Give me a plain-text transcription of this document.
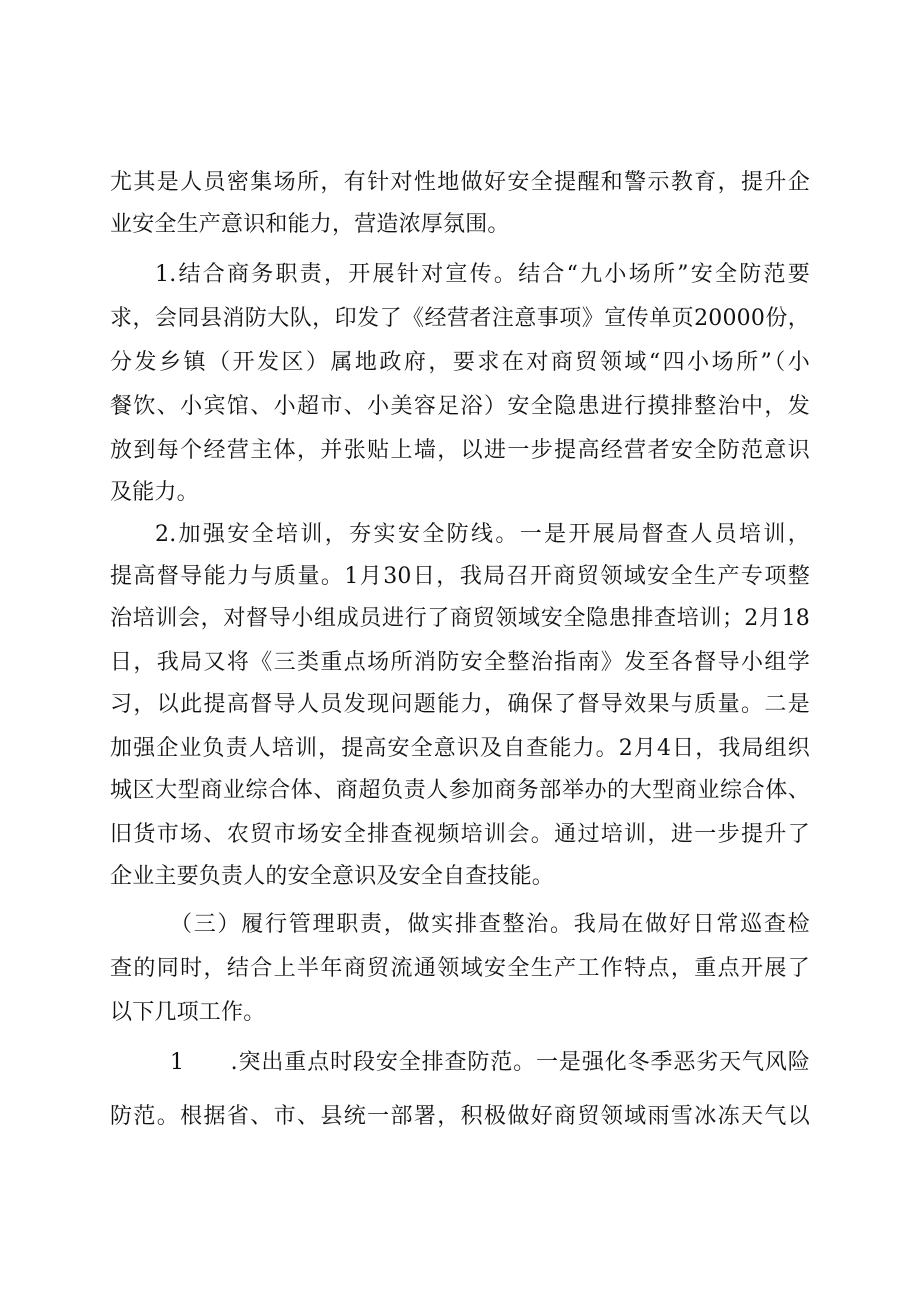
尤其是人员密集场所，有针对性地做好安全提醒和警示教育，提升企

业安全生产意识和能力，营造浓厚氛围。

1.结合商务职责，开展针对宣传。结合“九小场所”安全防范要

求，会同县消防大队，印发了《经营者注意事项》宣传单页20000份，

分发乡镇（开发区）属地政府，要求在对商贸领域“四小场所”（小

餐饮、小宾馆、小超市、小美容足浴）安全隐患进行摸排整治中，发

放到每个经营主体，并张贴上墙，以进一步提高经营者安全防范意识

及能力。

2.加强安全培训，夯实安全防线。一是开展局督查人员培训，

提高督导能力与质量。1月30日，我局召开商贸领域安全生产专项整

治培训会，对督导小组成员进行了商贸领域安全隐患排查培训；2月18

日，我局又将《三类重点场所消防安全整治指南》发至各督导小组学

习，以此提高督导人员发现问题能力，确保了督导效果与质量。二是

加强企业负责人培训，提高安全意识及自查能力。2月4日，我局组织

城区大型商业综合体、商超负责人参加商务部举办的大型商业综合体、

旧货市场、农贸市场安全排查视频培训会。通过培训，进一步提升了

企业主要负责人的安全意识及安全自查技能。

（三）履行管理职责，做实排查整治。我局在做好日常巡查检

查的同时，结合上半年商贸流通领域安全生产工作特点，重点开展了

以下几项工作。

1　　.突出重点时段安全排查防范。一是强化冬季恶劣天气风险

防范。根据省、市、县统一部署，积极做好商贸领域雨雪冰冻天气以
